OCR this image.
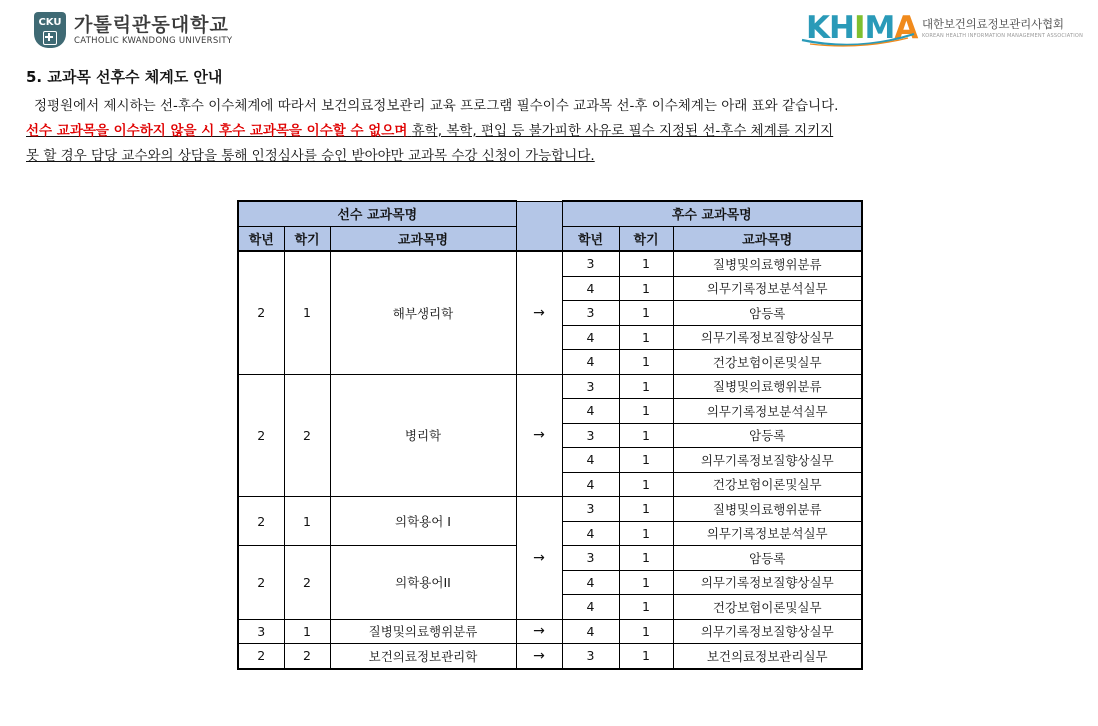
CKU 가톨릭관동대학교
CATHOLIC KWANDONG UNIVERSITY	KHIMA 대한보건의료정보관리사협회
KOREAN HEALTH INFORMATION MANAGEMENT ASSOCIATION
5. 교과목 선후수 체계도 안내

정평원에서 제시하는 선-후수 이수체계에 따라서 보건의료정보관리 교육 프로그램 필수이수 교과목 선-후 이수체계는 아래 표와 같습니다.

선수 교과목을 이수하지 않을 시 후수 교과목을 이수할 수 없으며 휴학, 복학, 편입 등 불가피한 사유로 필수 지정된 선-후수 체계를 지키지

못 할 경우 담당 교수와의 상담을 통해 인정심사를 승인 받아야만 교과목 수강 신청이 가능합니다.

선수 교과목명				후수 교과목명		
학년	학기	교과목명		학년	학기	교과목명
2	1	해부생리학	→	3	1	질병및의료행위분류
				4	1	의무기록정보분석실무
				3	1	암등록
				4	1	의무기록정보질향상실무
				4	1	건강보험이론및실무
2	2	병리학	→	3	1	질병및의료행위분류
				4	1	의무기록정보분석실무
				3	1	암등록
				4	1	의무기록정보질향상실무
				4	1	건강보험이론및실무
2	1	의학용어 I	→	3	1	질병및의료행위분류
				4	1	의무기록정보분석실무
2	2	의학용어II		3	1	암등록
				4	1	의무기록정보질향상실무
				4	1	건강보험이론및실무
3	1	질병및의료행위분류	→	4	1	의무기록정보질향상실무
2	2	보건의료정보관리학	→	3	1	보건의료정보관리실무
